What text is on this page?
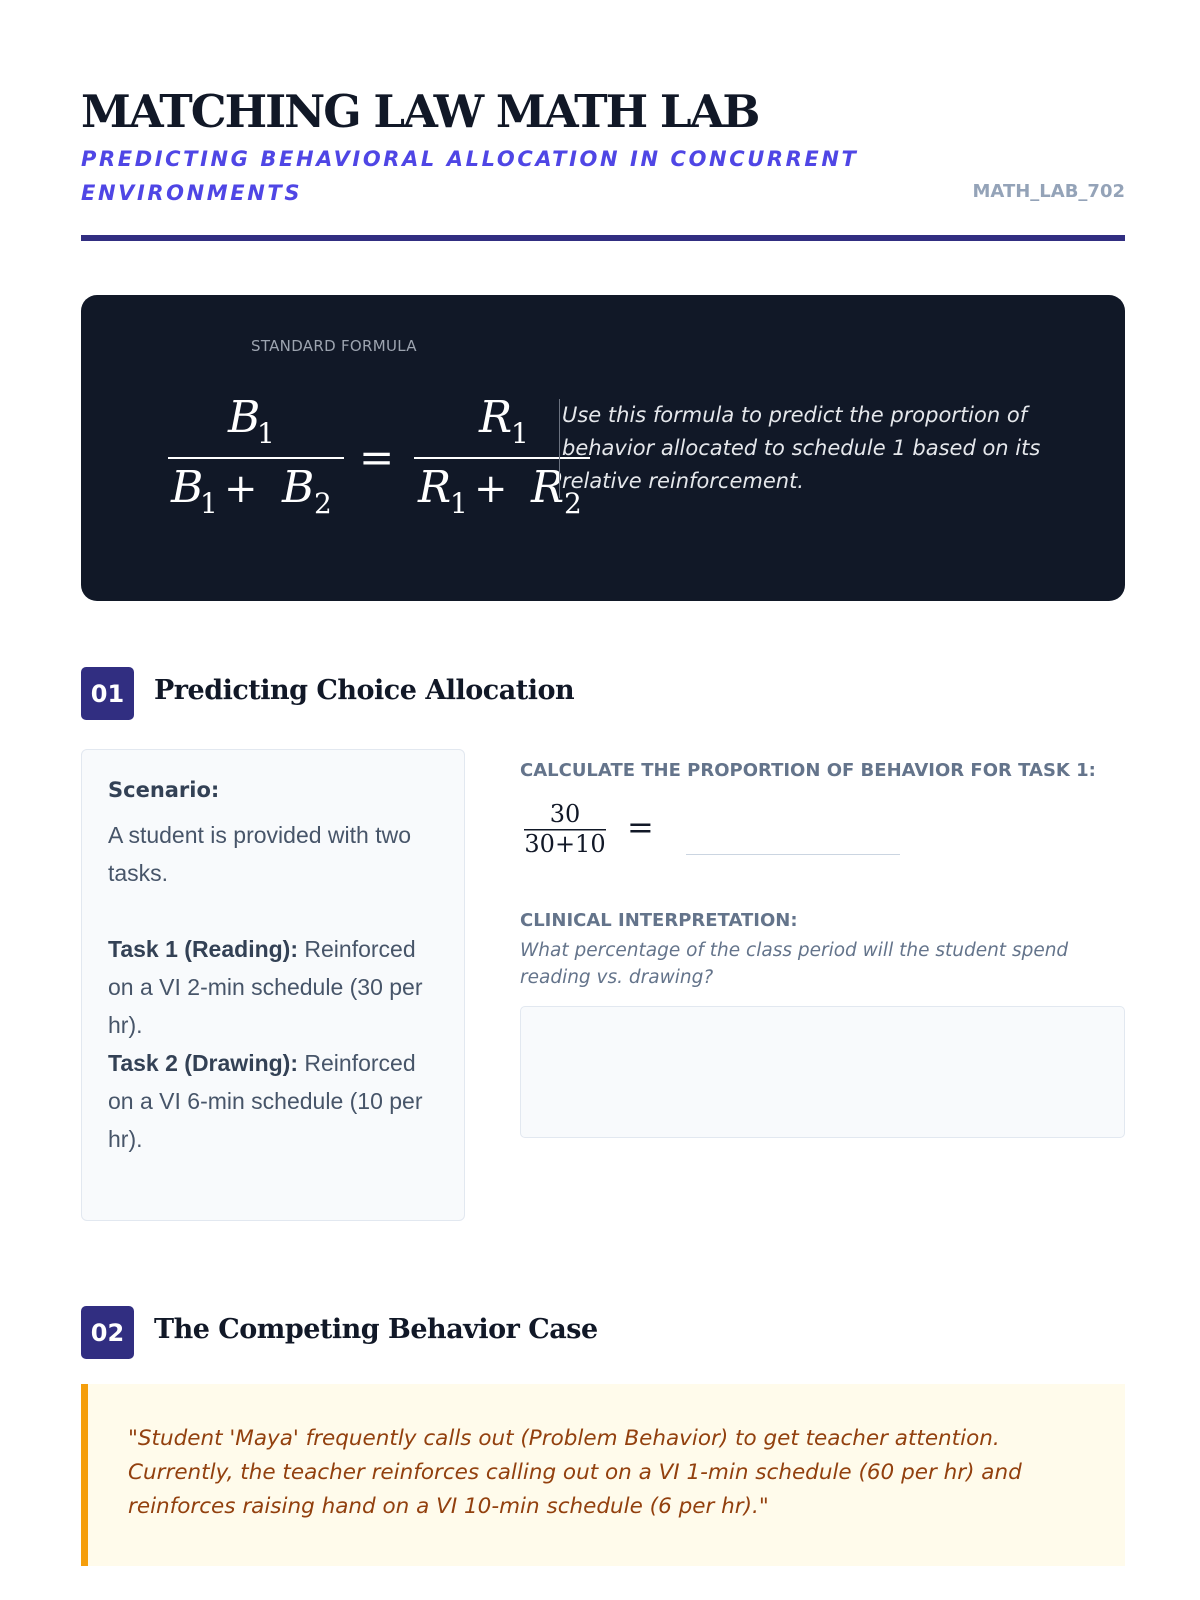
MATCHING LAW MATH LAB
PREDICTING BEHAVIORAL ALLOCATION IN CONCURRENT ENVIRONMENTS	MATH_LAB_702
STANDARD FORMULA
B
1
B
1 + B 2
=
R
1
R
1 + R 2
Use this formula to predict the proportion of behavior allocated to schedule 1 based on its relative reinforcement.
01	Predicting Choice Allocation
Scenario:

A student is provided with two tasks.

Task 1 (Reading): Reinforced on a VI 2-min schedule (30 per hr).

Task 2 (Drawing): Reinforced on a VI 6-min schedule (10 per hr).

CALCULATE THE PROPORTION OF BEHAVIOR FOR TASK 1:
30
30+10 =
CLINICAL INTERPRETATION:
What percentage of the class period will the student spend reading vs. drawing?
02	The Competing Behavior Case

"Student 'Maya' frequently calls out (Problem Behavior) to get teacher attention. Currently, the teacher reinforces calling out on a VI 1-min schedule (60 per hr) and reinforces raising hand on a VI 10-min schedule (6 per hr)."
